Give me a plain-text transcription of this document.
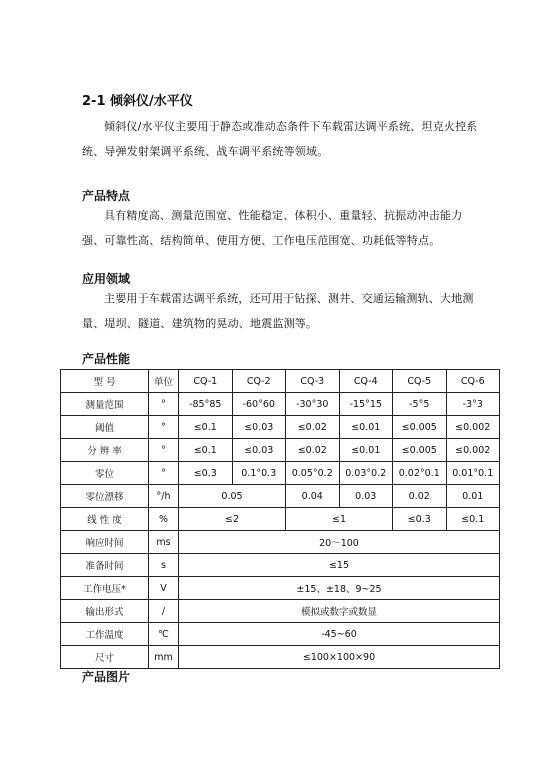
2-1 倾斜仪/水平仪

倾斜仪/水平仪主要用于静态或准动态条件下车载雷达调平系统、坦克火控系统、导弹发射架调平系统、战车调平系统等领域。

产品特点

具有精度高、测量范围宽、性能稳定、体积小、重量轻、抗振动冲击能力强、可靠性高、结构简单、使用方便、工作电压范围宽、功耗低等特点。

应用领域

主要用于车载雷达调平系统，还可用于钻探、测井、交通运输测轨、大地测量、堤坝、隧道、建筑物的晃动、地震监测等。

产品性能
型 号	单位	CQ-1	CQ-2	CQ-3	CQ-4	CQ-5	CQ-6
测量范围	°	-85°85	-60°60	-30°30	-15°15	-5°5	-3°3
阈值	°	≤0.1	≤0.03	≤0.02	≤0.01	≤0.005	≤0.002
分 辨 率	°	≤0.1	≤0.03	≤0.02	≤0.01	≤0.005	≤0.002
零位	°	≤0.3	0.1°0.3	0.05°0.2	0.03°0.2	0.02°0.1	0.01°0.1
零位漂移	°/h	0.05		0.04	0.03	0.02	0.01
线 性 度	%	≤2		≤1		≤0.3	≤0.1
响应时间	ms	20～100					
准备时间	s	≤15					
工作电压*	V	±15、±18、9~25					
输出形式	/	模拟或数字或数显					
工作温度	℃	-45~60					
尺寸	mm	≤100×100×90					
产品图片
